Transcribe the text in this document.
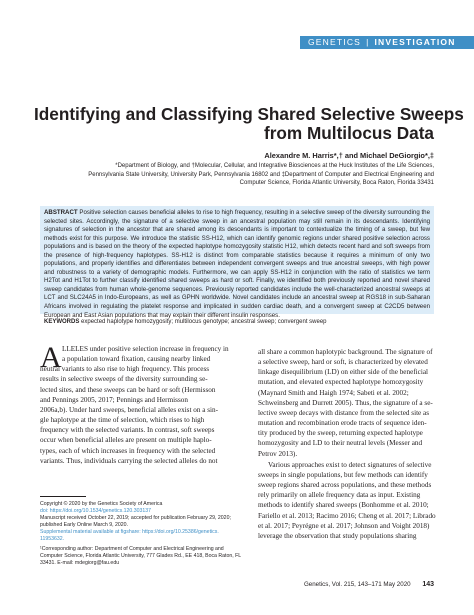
GENETICS | INVESTIGATION
Identifying and Classifying Shared Selective Sweeps
from Multilocus Data
Alexandre M. Harris*,† and Michael DeGiorgio*,‡
*Department of Biology, and †Molecular, Cellular, and Integrative Biosciences at the Huck Institutes of the Life Sciences,
Pennsylvania State University, University Park, Pennsylvania 16802 and ‡Department of Computer and Electrical Engineering and
Computer Science, Florida Atlantic University, Boca Raton, Florida 33431
ABSTRACT Positive selection causes beneficial alleles to rise to high frequency, resulting in a selective sweep of the diversity surrounding the selected sites. Accordingly, the signature of a selective sweep in an ancestral population may still remain in its descendants. Identifying signatures of selection in the ancestor that are shared among its descendants is important to contextualize the timing of a sweep, but few methods exist for this purpose. We introduce the statistic SS-H12, which can identify genomic regions under shared positive selection across populations and is based on the theory of the expected haplotype homozygosity statistic H12, which detects recent hard and soft sweeps from the presence of high-frequency haplotypes. SS-H12 is distinct from comparable statistics because it requires a minimum of only two populations, and properly identifies and differentiates between independent convergent sweeps and true ancestral sweeps, with high power and robustness to a variety of demographic models. Furthermore, we can apply SS-H12 in conjunction with the ratio of statistics we term H2Tot and H1Tot to further classify identified shared sweeps as hard or soft. Finally, we identified both previously reported and novel shared sweep candidates from human whole-genome sequences. Previously reported candidates include the well-characterized ancestral sweeps at LCT and SLC24A5 in Indo-Europeans, as well as GPHN worldwide. Novel candidates include an ancestral sweep at RGS18 in sub-Saharan Africans involved in regulating the platelet response and implicated in sudden cardiac death, and a convergent sweep at C2CD5 between European and East Asian populations that may explain their different insulin responses.
KEYWORDS expected haplotype homozygosity; multilocus genotype; ancestral sweep; convergent sweep
A LLELES under positive selection increase in frequency in
a population toward fixation, causing nearby linked
neutral variants to also rise to high frequency. This process
results in selective sweeps of the diversity surrounding se-
lected sites, and these sweeps can be hard or soft (Hermisson
and Pennings 2005, 2017; Pennings and Hermisson
2006a,b). Under hard sweeps, beneficial alleles exist on a sin-
gle haplotype at the time of selection, which rises to high
frequency with the selected variants. In contrast, soft sweeps
occur when beneficial alleles are present on multiple haplo-
types, each of which increases in frequency with the selected
variants. Thus, individuals carrying the selected alleles do not
all share a common haplotypic background. The signature of
a selective sweep, hard or soft, is characterized by elevated
linkage disequilibrium (LD) on either side of the beneficial
mutation, and elevated expected haplotype homozygosity
(Maynard Smith and Haigh 1974; Sabeti et al. 2002;
Schweinsberg and Durrett 2005). Thus, the signature of a se-
lective sweep decays with distance from the selected site as
mutation and recombination erode tracts of sequence iden-
tity produced by the sweep, returning expected haplotype
homozygosity and LD to their neutral levels (Messer and
Petrov 2013).
Various approaches exist to detect signatures of selective
sweeps in single populations, but few methods can identify
sweep regions shared across populations, and these methods
rely primarily on allele frequency data as input. Existing
methods to identify shared sweeps (Bonhomme et al. 2010;
Fariello et al. 2013; Racimo 2016; Cheng et al. 2017; Librado
et al. 2017; Peyrégne et al. 2017; Johnson and Voight 2018)
leverage the observation that study populations sharing
Copyright © 2020 by the Genetics Society of America
doi: https://doi.org/10.1534/genetics.120.303137
Manuscript received October 22, 2019; accepted for publication February 29, 2020;
published Early Online March 9, 2020.
Supplemental material available at figshare: https://doi.org/10.25386/genetics.
11953632.
¹Corresponding author: Department of Computer and Electrical Engineering and
Computer Science, Florida Atlantic University, 777 Glades Rd., EE 418, Boca Raton, FL
33431. E-mail: mdegiorg@fau.edu
Genetics, Vol. 215, 143–171 May 2020 143
